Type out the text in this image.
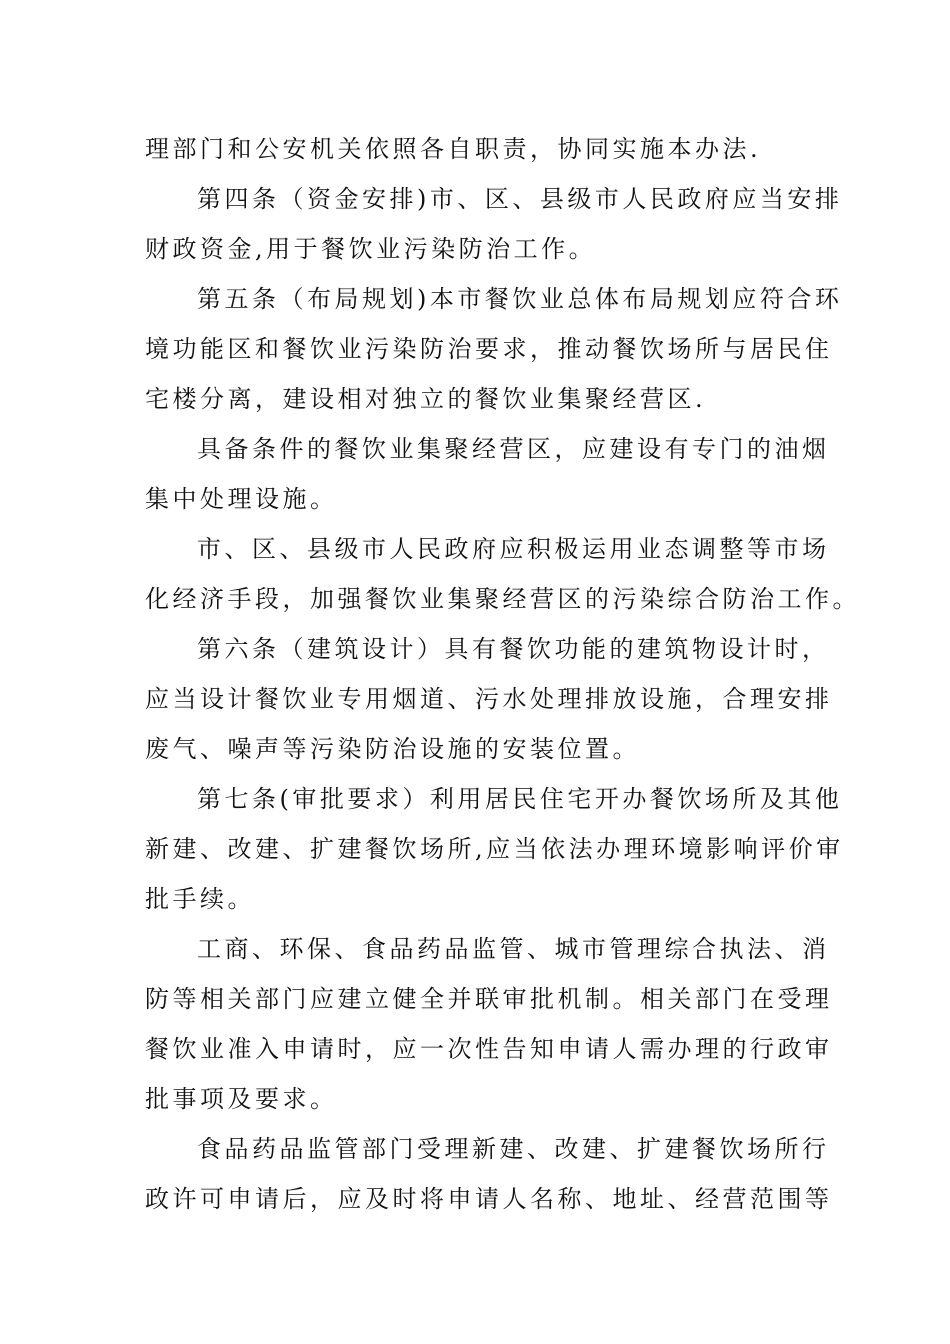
理部门和公安机关依照各自职责，协同实施本办法.
第四条（资金安排)市、区、县级市人民政府应当安排
财政资金,用于餐饮业污染防治工作。
第五条（布局规划)本市餐饮业总体布局规划应符合环
境功能区和餐饮业污染防治要求，推动餐饮场所与居民住
宅楼分离，建设相对独立的餐饮业集聚经营区.
具备条件的餐饮业集聚经营区，应建设有专门的油烟
集中处理设施。
市、区、县级市人民政府应积极运用业态调整等市场
化经济手段，加强餐饮业集聚经营区的污染综合防治工作。
第六条（建筑设计）具有餐饮功能的建筑物设计时，
应当设计餐饮业专用烟道、污水处理排放设施，合理安排
废气、噪声等污染防治设施的安装位置。
第七条(审批要求）利用居民住宅开办餐饮场所及其他
新建、改建、扩建餐饮场所,应当依法办理环境影响评价审
批手续。
工商、环保、食品药品监管、城市管理综合执法、消
防等相关部门应建立健全并联审批机制。相关部门在受理
餐饮业准入申请时，应一次性告知申请人需办理的行政审
批事项及要求。
食品药品监管部门受理新建、改建、扩建餐饮场所行
政许可申请后，应及时将申请人名称、地址、经营范围等
